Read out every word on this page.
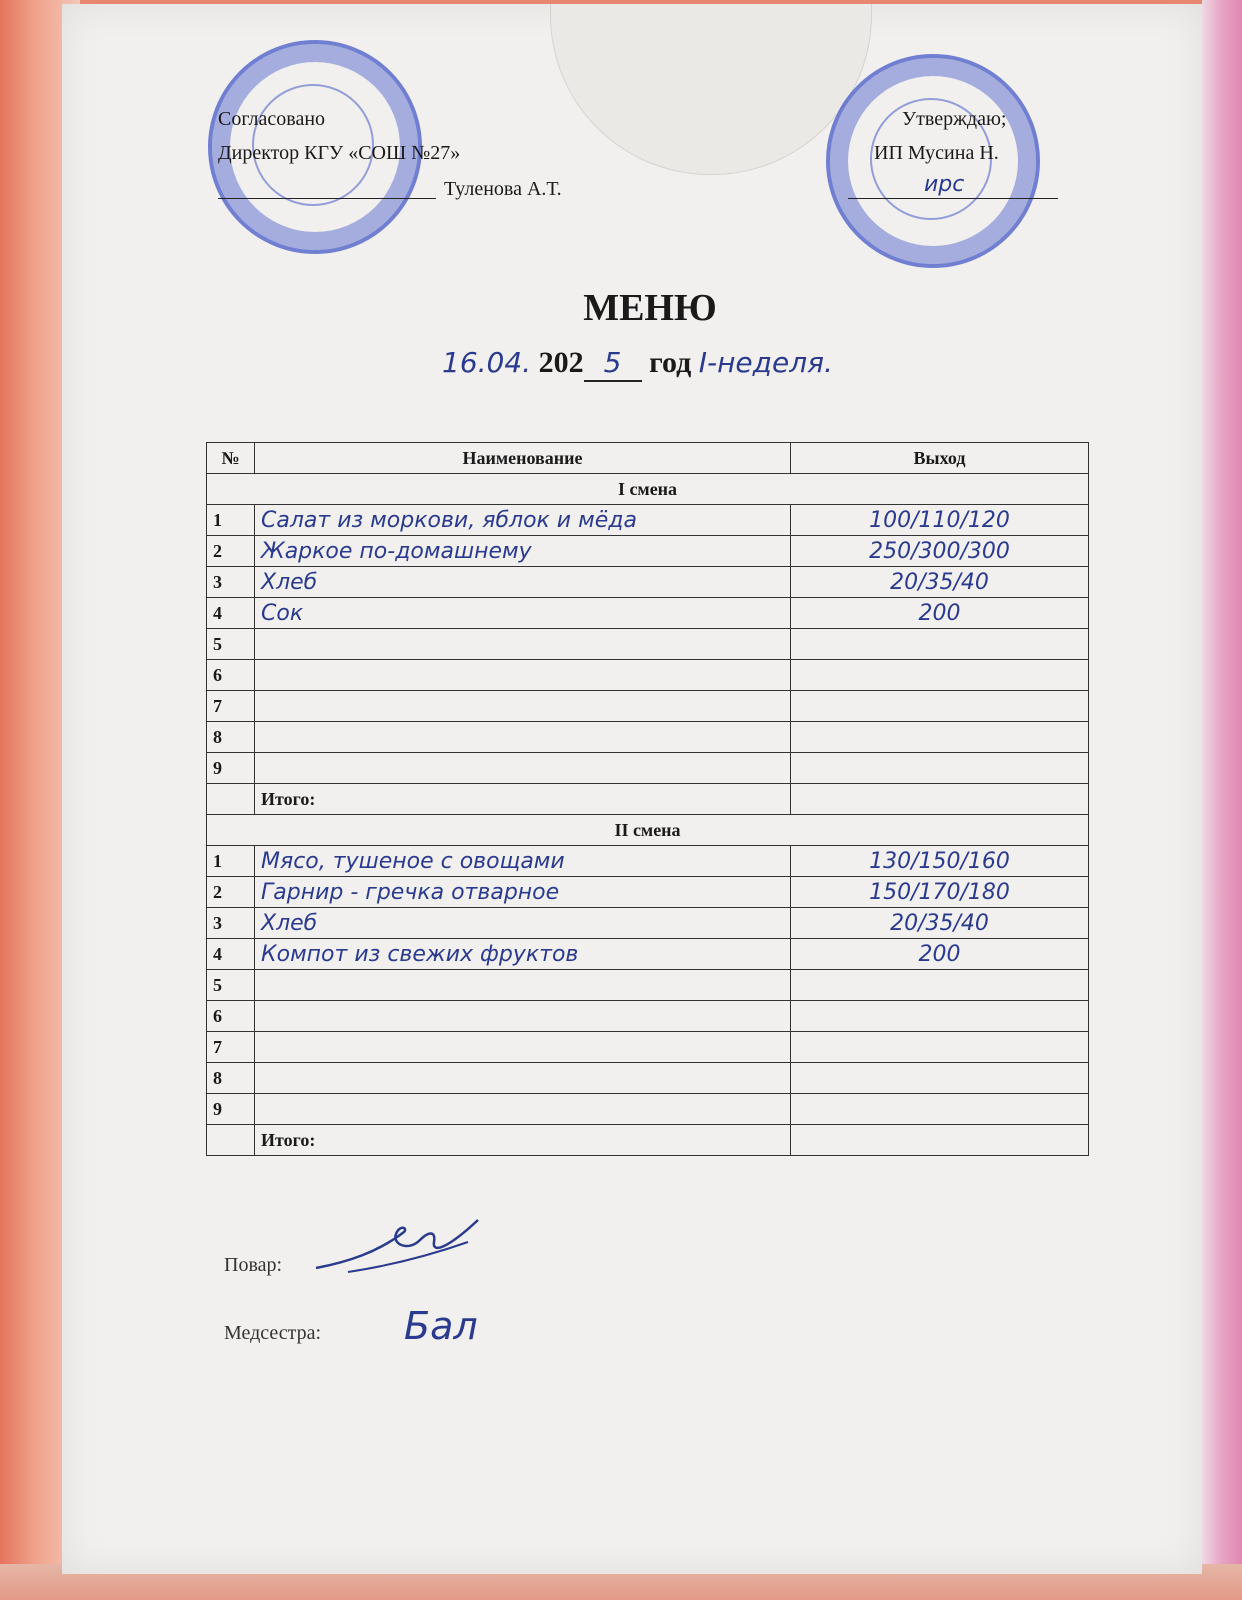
Согласовано
Директор КГУ «СОШ №27»
Туленова А.Т.
Утверждаю;
ИП Мусина Н.
ирс
МЕНЮ
16.04. 202 5 год I-неделя.
№	Наименование	Выход
I смена		
1	Салат из моркови, яблок и мёда	100/110/120
2	Жаркое по-домашнему	250/300/300
3	Хлеб	20/35/40
4	Сок	200
5		
6		
7		
8		
9		
	Итого:	
II смена		
1	Мясо, тушеное с овощами	130/150/160
2	Гарнир - гречка отварное	150/170/180
3	Хлеб	20/35/40
4	Компот из свежих фруктов	200
5		
6		
7		
8		
9		
	Итого:	
Повар:
Медсестра: Бал
